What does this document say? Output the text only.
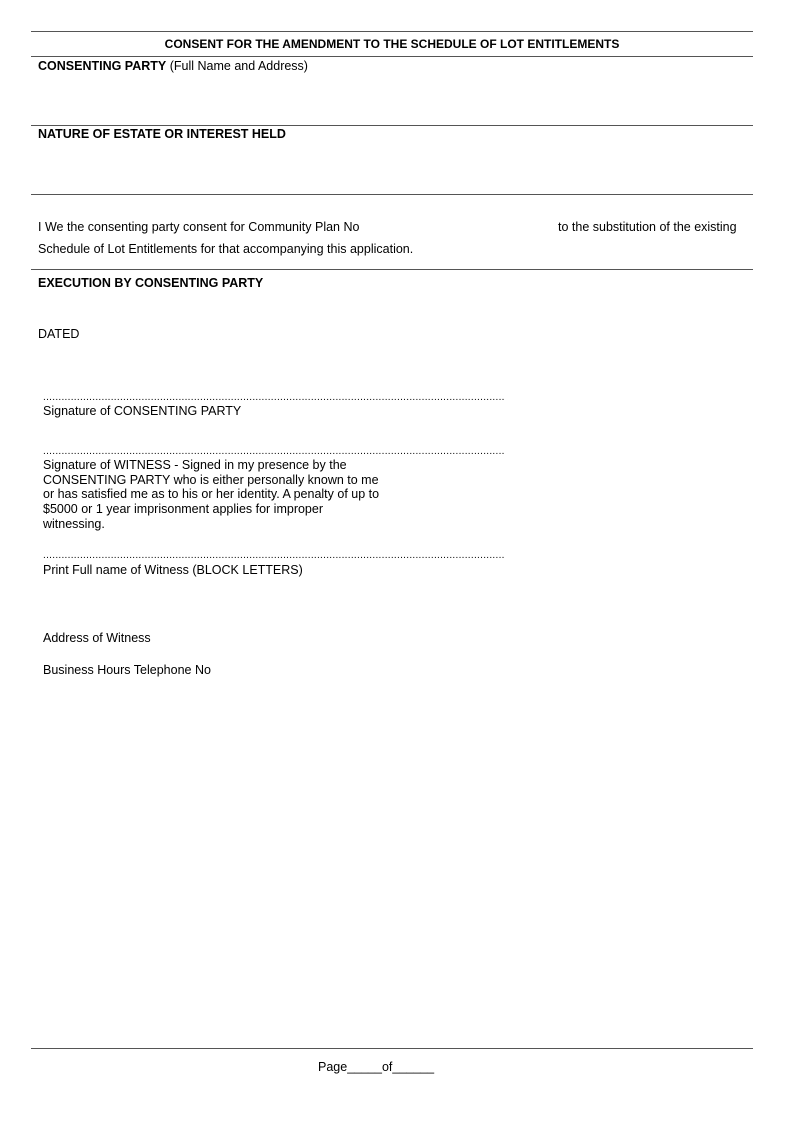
CONSENT FOR THE AMENDMENT TO THE SCHEDULE OF LOT ENTITLEMENTS
CONSENTING PARTY (Full Name and Address)
NATURE OF ESTATE OR INTEREST HELD
I We the consenting party consent for Community Plan No	to the substitution of the existing
Schedule of Lot Entitlements for that accompanying this application.
EXECUTION BY CONSENTING PARTY
DATED
......................................................................................................................................................
Signature of CONSENTING PARTY
......................................................................................................................................................
Signature of WITNESS - Signed in my presence by the CONSENTING PARTY who is either personally known to me or has satisfied me as to his or her identity. A penalty of up to $5000 or 1 year imprisonment applies for improper witnessing.
......................................................................................................................................................
Print Full name of Witness (BLOCK LETTERS)
Address of Witness
Business Hours Telephone No
Page_____of______
